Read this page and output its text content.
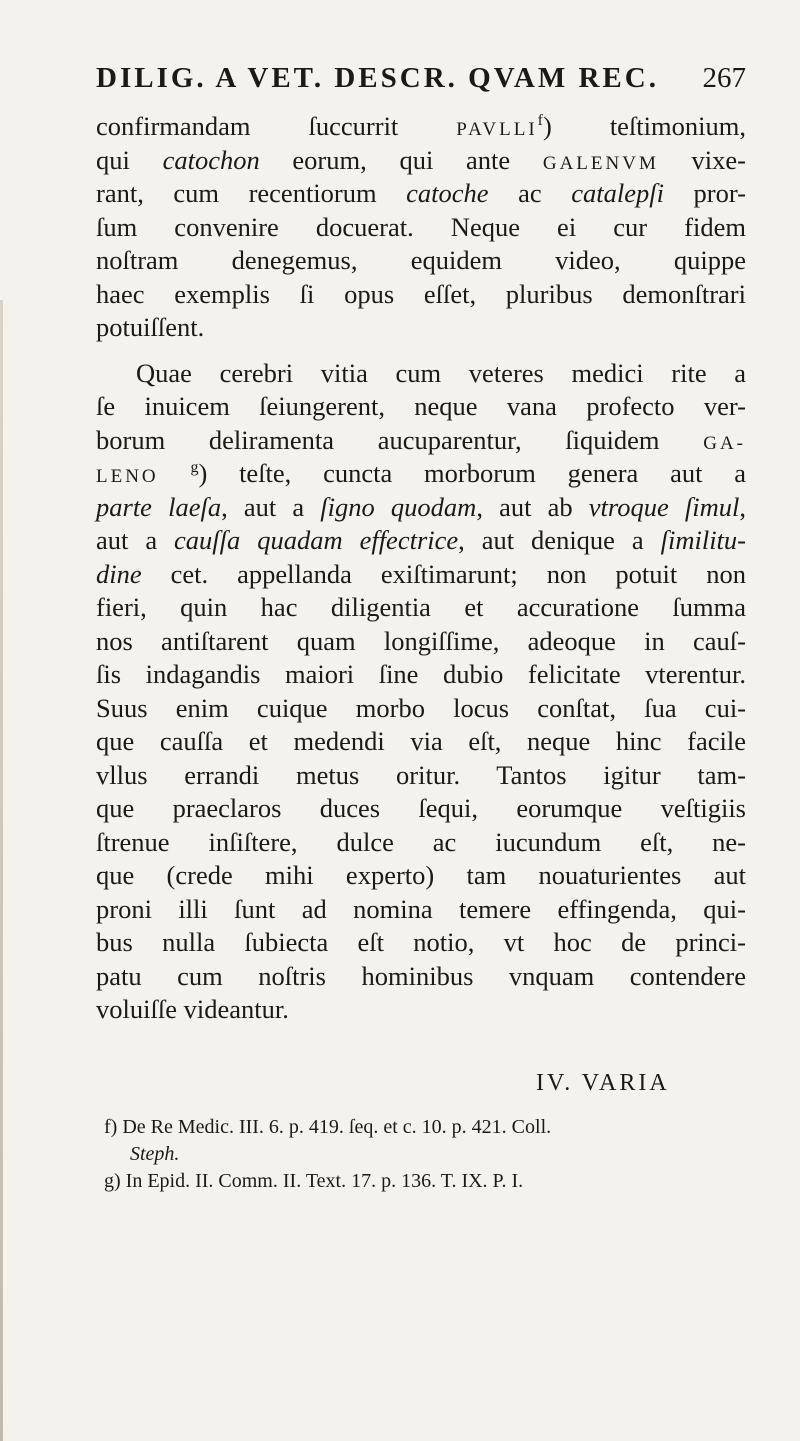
DILIG. A VET. DESCR. QVAM REC. 267
confirmandam ſuccurrit PAVLLI$^f$) teſtimonium,
qui catochon eorum, qui ante GALENVM vixe-
rant, cum recentiorum catoche ac catalepſi pror-
ſum convenire docuerat. Neque ei cur fidem
noſtram denegemus, equidem video, quippe
haec exemplis ſi opus eſſet, pluribus demonſtrari
potuiſſent.
Quae cerebri vitia cum veteres medici rite a
ſe inuicem ſeiungerent, neque vana profecto ver-
borum deliramenta aucuparentur, ſiquidem GA-
LENO $^g$) teſte, cuncta morborum genera aut a
parte laeſa, aut a ſigno quodam, aut ab vtroque ſimul,
aut a cauſſa quadam effectrice, aut denique a ſimilitu-
dine cet. appellanda exiſtimarunt; non potuit non
fieri, quin hac diligentia et accuratione ſumma
nos antiſtarent quam longiſſime, adeoque in cauſ-
ſis indagandis maiori ſine dubio felicitate vterentur.
Suus enim cuique morbo locus conſtat, ſua cui-
que cauſſa et medendi via eſt, neque hinc facile
vllus errandi metus oritur. Tantos igitur tam-
que praeclaros duces ſequi, eorumque veſtigiis
ſtrenue inſiſtere, dulce ac iucundum eſt, ne-
que (crede mihi experto) tam nouaturientes aut
proni illi ſunt ad nomina temere effingenda, qui-
bus nulla ſubiecta eſt notio, vt hoc de princi-
patu cum noſtris hominibus vnquam contendere
voluiſſe videantur.
IV. VARIA
f) De Re Medic. III. 6. p. 419. ſeq. et c. 10. p. 421. Coll.
Steph.
g) In Epid. II. Comm. II. Text. 17. p. 136. T. IX. P. I.
